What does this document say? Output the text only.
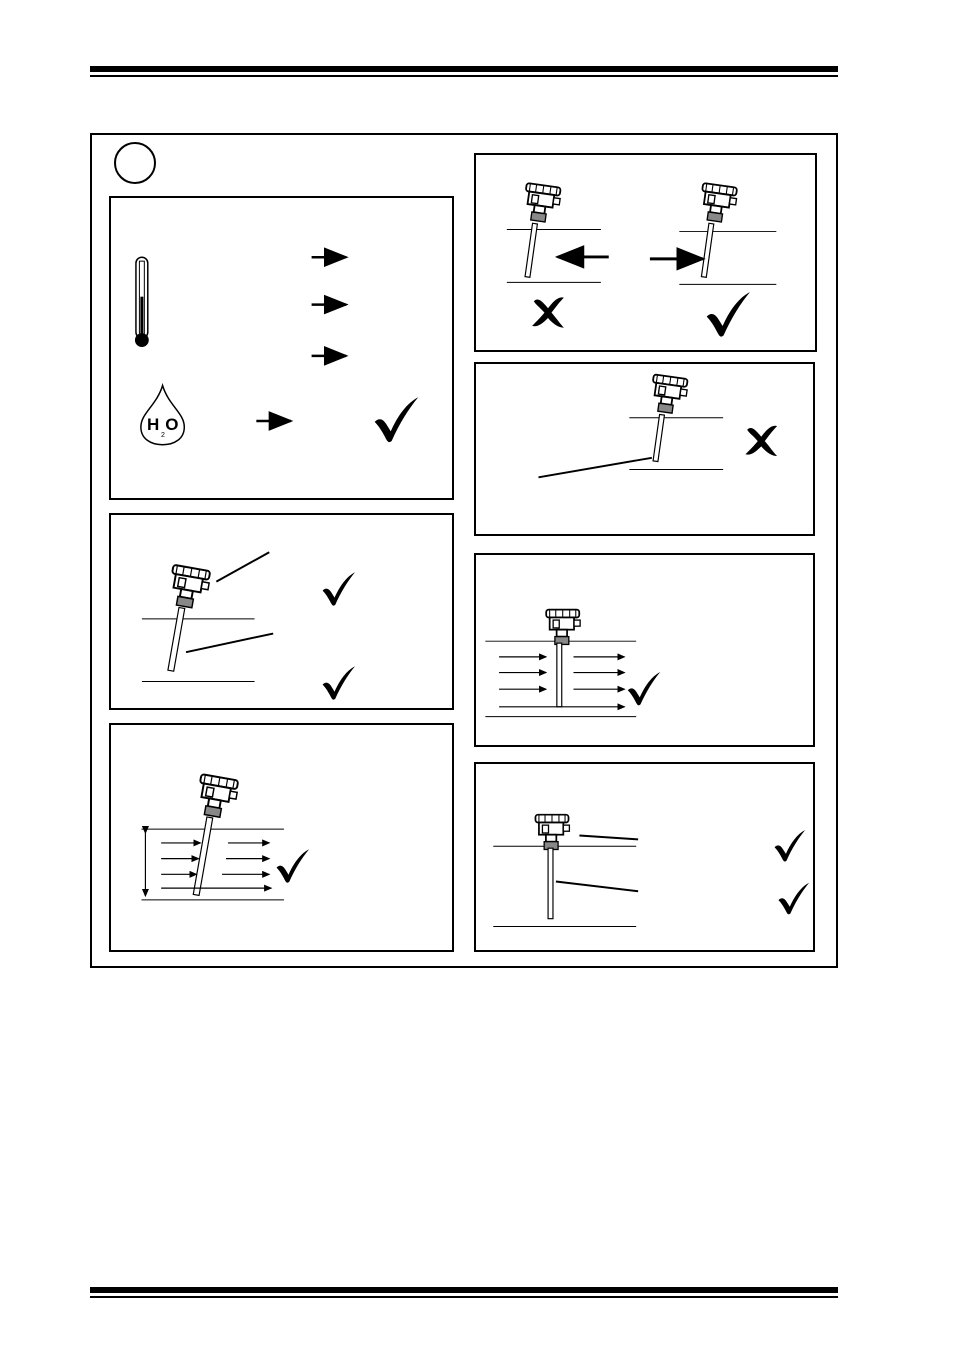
HO
2
